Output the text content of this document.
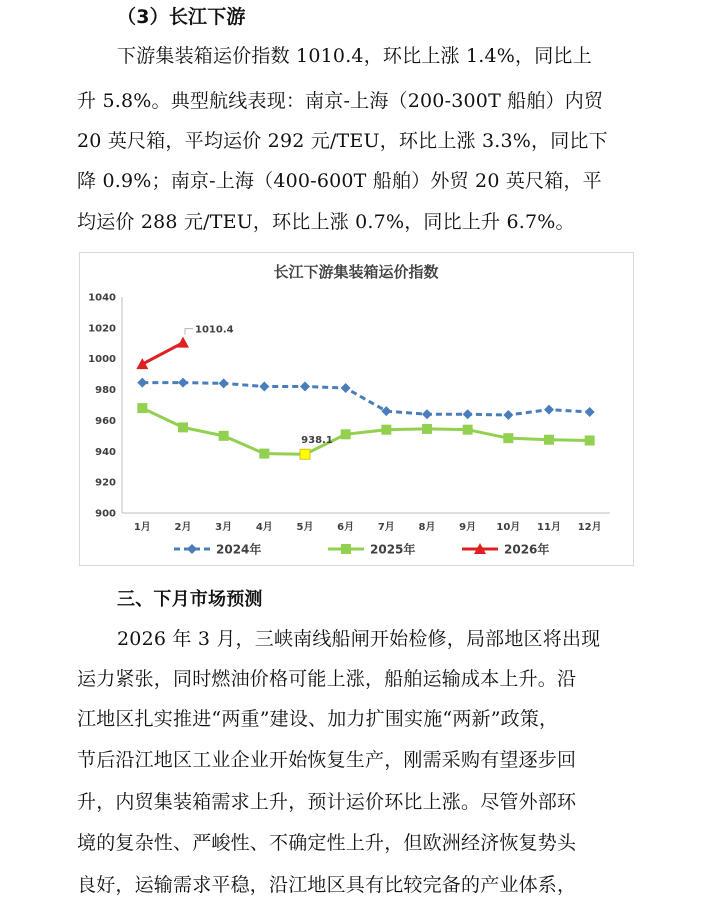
（3）长江下游
下游集装箱运价指数 1010.4，环比上涨 1.4%，同比上
升 5.8%。典型航线表现：南京-上海（200-300T 船舶）内贸
20 英尺箱，平均运价 292 元/TEU，环比上涨 3.3%，同比下
降 0.9%；南京-上海（400-600T 船舶）外贸 20 英尺箱，平
均运价 288 元/TEU，环比上涨 0.7%，同比上升 6.7%。
长江下游集装箱运价指数
900
920
940
960
980
1000
1020
1040
1月 2月 3月 4月 5月 6月 7月 8月 9月 10月 11月 12月
1010.4
938.1
2024年	2025年	2026年
三、下月市场预测
2026 年 3 月，三峡南线船闸开始检修，局部地区将出现
运力紧张，同时燃油价格可能上涨，船舶运输成本上升。沿
江地区扎实推进“两重”建设、加力扩围实施“两新”政策，
节后沿江地区工业企业开始恢复生产，刚需采购有望逐步回
升，内贸集装箱需求上升，预计运价环比上涨。尽管外部环
境的复杂性、严峻性、不确定性上升，但欧洲经济恢复势头
良好，运输需求平稳，沿江地区具有比较完备的产业体系，
